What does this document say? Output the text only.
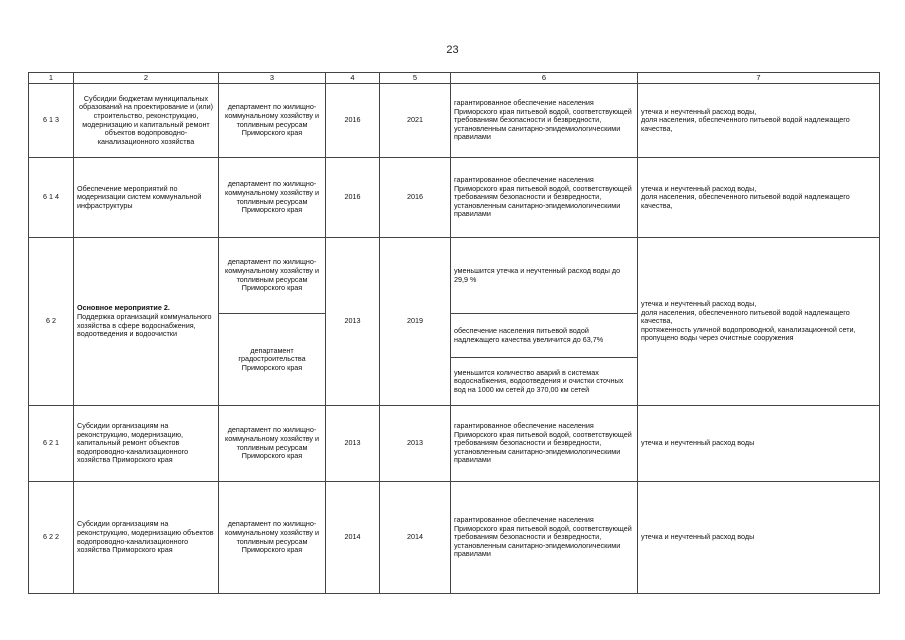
23
1	2	3	4	5	6	7
6 1 3	Субсидии бюджетам муниципальных образований на проектирование и (или) строительство, реконструкцию, модернизацию и капитальный ремонт объектов водопроводно-канализационного хозяйства	департамент по жилищно-коммунальному хозяйству и топливным ресурсам Приморского края	2016	2021	гарантированное обеспечение населения Приморского края питьевой водой, соответствующей требованиям безопасности и безвредности, установленным санитарно-эпидемиологическими правилами	утечка и неучтенный расход воды,
доля населения, обеспеченного питьевой водой надлежащего качества,
6 1 4	Обеспечение мероприятий по модернизации систем коммунальной инфраструктуры	департамент по жилищно-коммунальному хозяйству и топливным ресурсам Приморского края	2016	2016	гарантированное обеспечение населения Приморского края питьевой водой, соответствующей требованиям безопасности и безвредности, установленным санитарно-эпидемиологическими правилами	утечка и неучтенный расход воды,
доля населения, обеспеченного питьевой водой надлежащего качества,
6 2	Основное мероприятие 2.
Поддержка организаций коммунального хозяйства в сфере водоснабжения, водоотведения и водоочистки	департамент по жилищно-коммунальному хозяйству и топливным ресурсам Приморского края	2013	2019	уменьшится утечка и неучтенный расход воды до 29,9 %	утечка и неучтенный расход воды,
доля населения, обеспеченного питьевой водой надлежащего качества,
протяженность уличной водопроводной, канализационной сети,
пропущено воды через очистные сооружения
		департамент градостроительства Приморского края			обеспечение населения питьевой водой надлежащего качества увеличится до 63,7%	
					уменьшится количество аварий в системах водоснабжения, водоотведения и очистки сточных вод на 1000 км сетей до 370,00 км сетей	
6 2 1	Субсидии организациям на реконструкцию, модернизацию, капитальный ремонт объектов водопроводно-канализационного хозяйства Приморского края	департамент по жилищно-коммунальному хозяйству и топливным ресурсам Приморского края	2013	2013	гарантированное обеспечение населения Приморского края питьевой водой, соответствующей требованиям безопасности и безвредности, установленным санитарно-эпидемиологическими правилами	утечка и неучтенный расход воды
6 2 2	Субсидии организациям на реконструкцию, модернизацию объектов водопроводно-канализационного хозяйства Приморского края	департамент по жилищно-коммунальному хозяйству и топливным ресурсам Приморского края	2014	2014	гарантированное обеспечение населения Приморского края питьевой водой, соответствующей требованиям безопасности и безвредности, установленным санитарно-эпидемиологическими правилами	утечка и неучтенный расход воды
